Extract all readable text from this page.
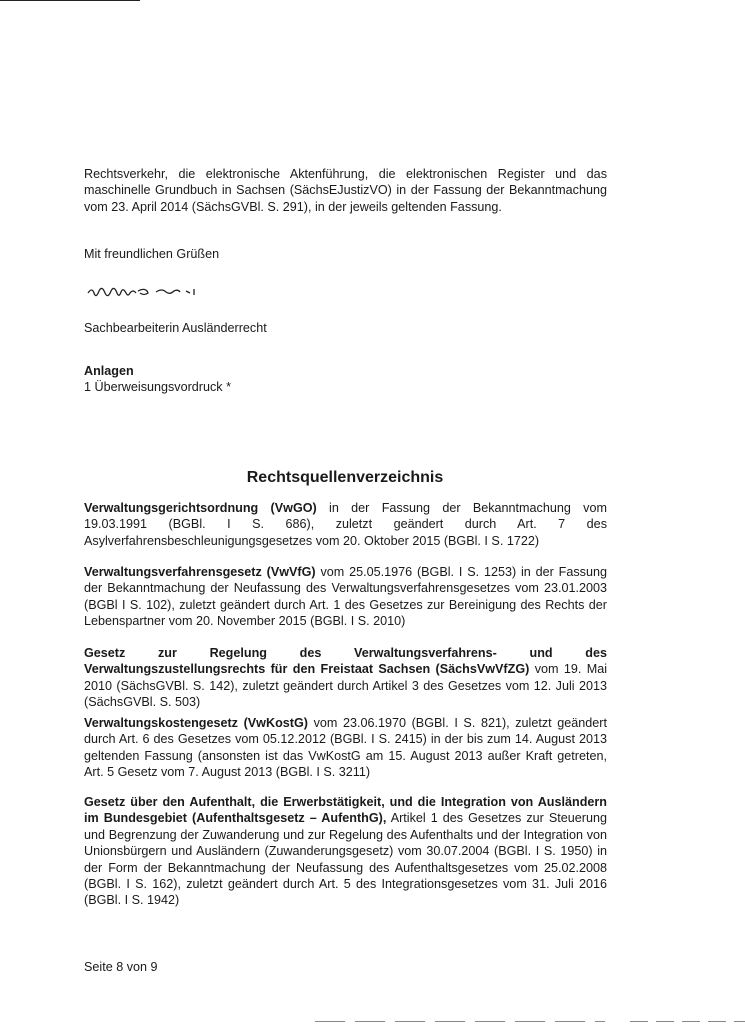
Rechtsverkehr, die elektronische Aktenführung, die elektronischen Register und das maschinelle Grundbuch in Sachsen (SächsEJustizVO) in der Fassung der Bekanntmachung vom 23. April 2014 (SächsGVBl. S. 291), in der jeweils geltenden Fassung.

Mit freundlichen Grüßen

Sachbearbeiterin Ausländerrecht

Anlagen

1 Überweisungsvordruck *

Rechtsquellenverzeichnis

Verwaltungsgerichtsordnung (VwGO) in der Fassung der Bekanntmachung vom 19.03.1991 (BGBl. I S. 686), zuletzt geändert durch Art. 7 des Asylverfahrensbeschleunigungsgesetzes vom 20. Oktober 2015 (BGBl. I S. 1722)

Verwaltungsverfahrensgesetz (VwVfG) vom 25.05.1976 (BGBl. I S. 1253) in der Fassung der Bekanntmachung der Neufassung des Verwaltungsverfahrensgesetzes vom 23.01.2003 (BGBl I S. 102), zuletzt geändert durch Art. 1 des Gesetzes zur Bereinigung des Rechts der Lebenspartner vom 20. November 2015 (BGBl. I S. 2010)

Gesetz zur Regelung des Verwaltungsverfahrens- und des Verwaltungszustellungsrechts für den Freistaat Sachsen (SächsVwVfZG) vom 19. Mai 2010 (SächsGVBl. S. 142), zuletzt geändert durch Artikel 3 des Gesetzes vom 12. Juli 2013 (SächsGVBl. S. 503)

Verwaltungskostengesetz (VwKostG) vom 23.06.1970 (BGBl. I S. 821), zuletzt geändert durch Art. 6 des Gesetzes vom 05.12.2012 (BGBl. I S. 2415) in der bis zum 14. August 2013 geltenden Fassung (ansonsten ist das VwKostG am 15. August 2013 außer Kraft getreten, Art. 5 Gesetz vom 7. August 2013 (BGBl. I S. 3211)

Gesetz über den Aufenthalt, die Erwerbstätigkeit, und die Integration von Ausländern im Bundesgebiet (Aufenthaltsgesetz – AufenthG), Artikel 1 des Gesetzes zur Steuerung und Begrenzung der Zuwanderung und zur Regelung des Aufenthalts und der Integration von Unionsbürgern und Ausländern (Zuwanderungsgesetz) vom 30.07.2004 (BGBl. I S. 1950) in der Form der Bekanntmachung der Neufassung des Aufenthaltsgesetzes vom 25.02.2008 (BGBl. I S. 162), zuletzt geändert durch Art. 5 des Integrationsgesetzes vom 31. Juli 2016 (BGBl. I S. 1942)

Seite 8 von 9
